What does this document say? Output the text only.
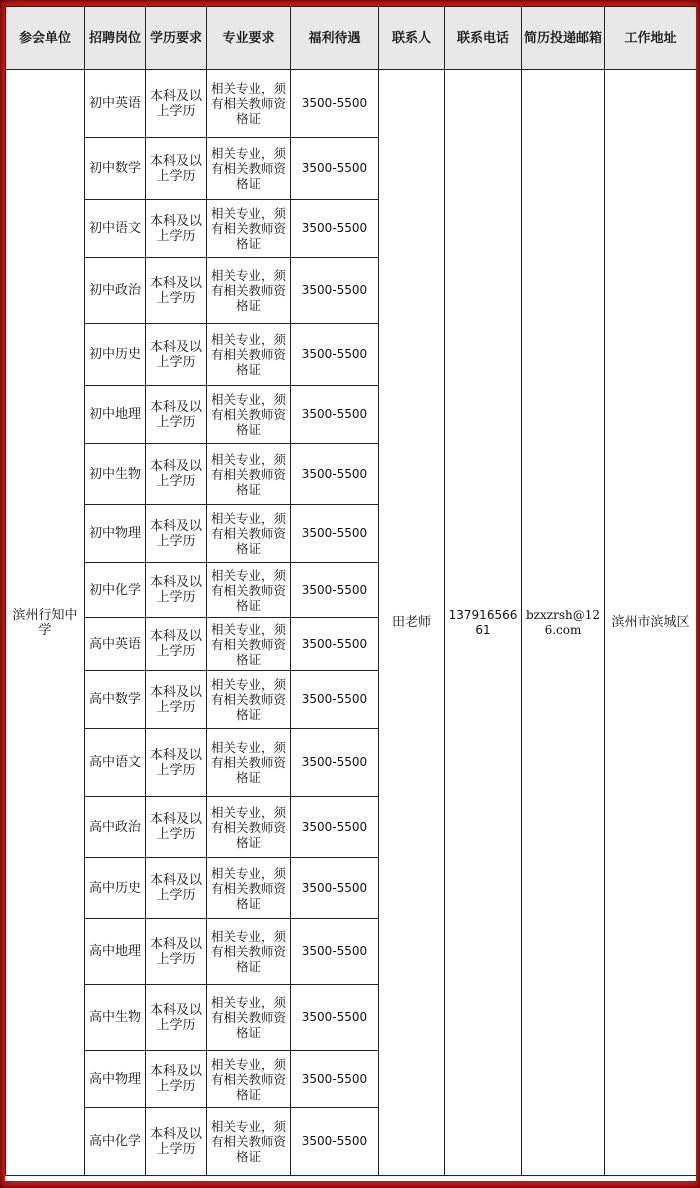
参会单位	招聘岗位	学历要求	专业要求	福利待遇	联系人	联系电话	简历投递邮箱	工作地址
滨州行知中学	初中英语	本科及以上学历	相关专业，须有相关教师资格证	3500-5500	田老师	13791656661	bzxzrsh@126.com	滨州市滨城区
	初中数学	本科及以上学历	相关专业，须有相关教师资格证	3500-5500				
	初中语文	本科及以上学历	相关专业，须有相关教师资格证	3500-5500				
	初中政治	本科及以上学历	相关专业，须有相关教师资格证	3500-5500				
	初中历史	本科及以上学历	相关专业，须有相关教师资格证	3500-5500				
	初中地理	本科及以上学历	相关专业，须有相关教师资格证	3500-5500				
	初中生物	本科及以上学历	相关专业，须有相关教师资格证	3500-5500				
	初中物理	本科及以上学历	相关专业，须有相关教师资格证	3500-5500				
	初中化学	本科及以上学历	相关专业，须有相关教师资格证	3500-5500				
	高中英语	本科及以上学历	相关专业，须有相关教师资格证	3500-5500				
	高中数学	本科及以上学历	相关专业，须有相关教师资格证	3500-5500				
	高中语文	本科及以上学历	相关专业，须有相关教师资格证	3500-5500				
	高中政治	本科及以上学历	相关专业，须有相关教师资格证	3500-5500				
	高中历史	本科及以上学历	相关专业，须有相关教师资格证	3500-5500				
	高中地理	本科及以上学历	相关专业，须有相关教师资格证	3500-5500				
	高中生物	本科及以上学历	相关专业，须有相关教师资格证	3500-5500				
	高中物理	本科及以上学历	相关专业，须有相关教师资格证	3500-5500				
	高中化学	本科及以上学历	相关专业，须有相关教师资格证	3500-5500				
